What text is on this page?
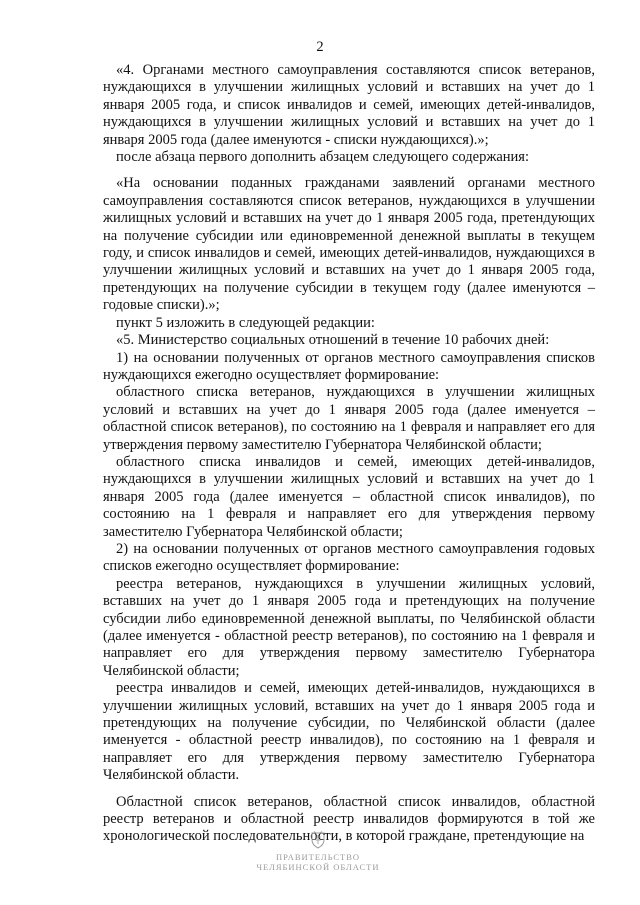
2

«4. Органами местного самоуправления составляются список ветеранов, нуждающихся в улучшении жилищных условий и вставших на учет до 1 января 2005 года, и список инвалидов и семей, имеющих детей-инвалидов, нуждающихся в улучшении жилищных условий и вставших на учет до 1 января 2005 года (далее именуются - списки нуждающихся).»;

после абзаца первого дополнить абзацем следующего содержания:

«На основании поданных гражданами заявлений органами местного самоуправления составляются список ветеранов, нуждающихся в улучшении жилищных условий и вставших на учет до 1 января 2005 года, претендующих на получение субсидии или единовременной денежной выплаты в текущем году, и список инвалидов и семей, имеющих детей-инвалидов, нуждающихся в улучшении жилищных условий и вставших на учет до 1 января 2005 года, претендующих на получение субсидии в текущем году (далее именуются – годовые списки).»;

пункт 5 изложить в следующей редакции:

«5. Министерство социальных отношений в течение 10 рабочих дней:

1) на основании полученных от органов местного самоуправления списков нуждающихся ежегодно осуществляет формирование:

областного списка ветеранов, нуждающихся в улучшении жилищных условий и вставших на учет до 1 января 2005 года (далее именуется – областной список ветеранов), по состоянию на 1 февраля и направляет его для утверждения первому заместителю Губернатора Челябинской области;

областного списка инвалидов и семей, имеющих детей-инвалидов, нуждающихся в улучшении жилищных условий и вставших на учет до 1 января 2005 года (далее именуется – областной список инвалидов), по состоянию на 1 февраля и направляет его для утверждения первому заместителю Губернатора Челябинской области;

2) на основании полученных от органов местного самоуправления годовых списков ежегодно осуществляет формирование:

реестра ветеранов, нуждающихся в улучшении жилищных условий, вставших на учет до 1 января 2005 года и претендующих на получение субсидии либо единовременной денежной выплаты, по Челябинской области (далее именуется - областной реестр ветеранов), по состоянию на 1 февраля и направляет его для утверждения первому заместителю Губернатора Челябинской области;

реестра инвалидов и семей, имеющих детей-инвалидов, нуждающихся в улучшении жилищных условий, вставших на учет до 1 января 2005 года и претендующих на получение субсидии, по Челябинской области (далее именуется - областной реестр инвалидов), по состоянию на 1 февраля и направляет его для утверждения первому заместителю Губернатора Челябинской области.

Областной список ветеранов, областной список инвалидов, областной реестр ветеранов и областной реестр инвалидов формируются в той же хронологической последовательности, в которой граждане, претендующие на

ПРАВИТЕЛЬСТВО
ЧЕЛЯБИНСКОЙ ОБЛАСТИ
